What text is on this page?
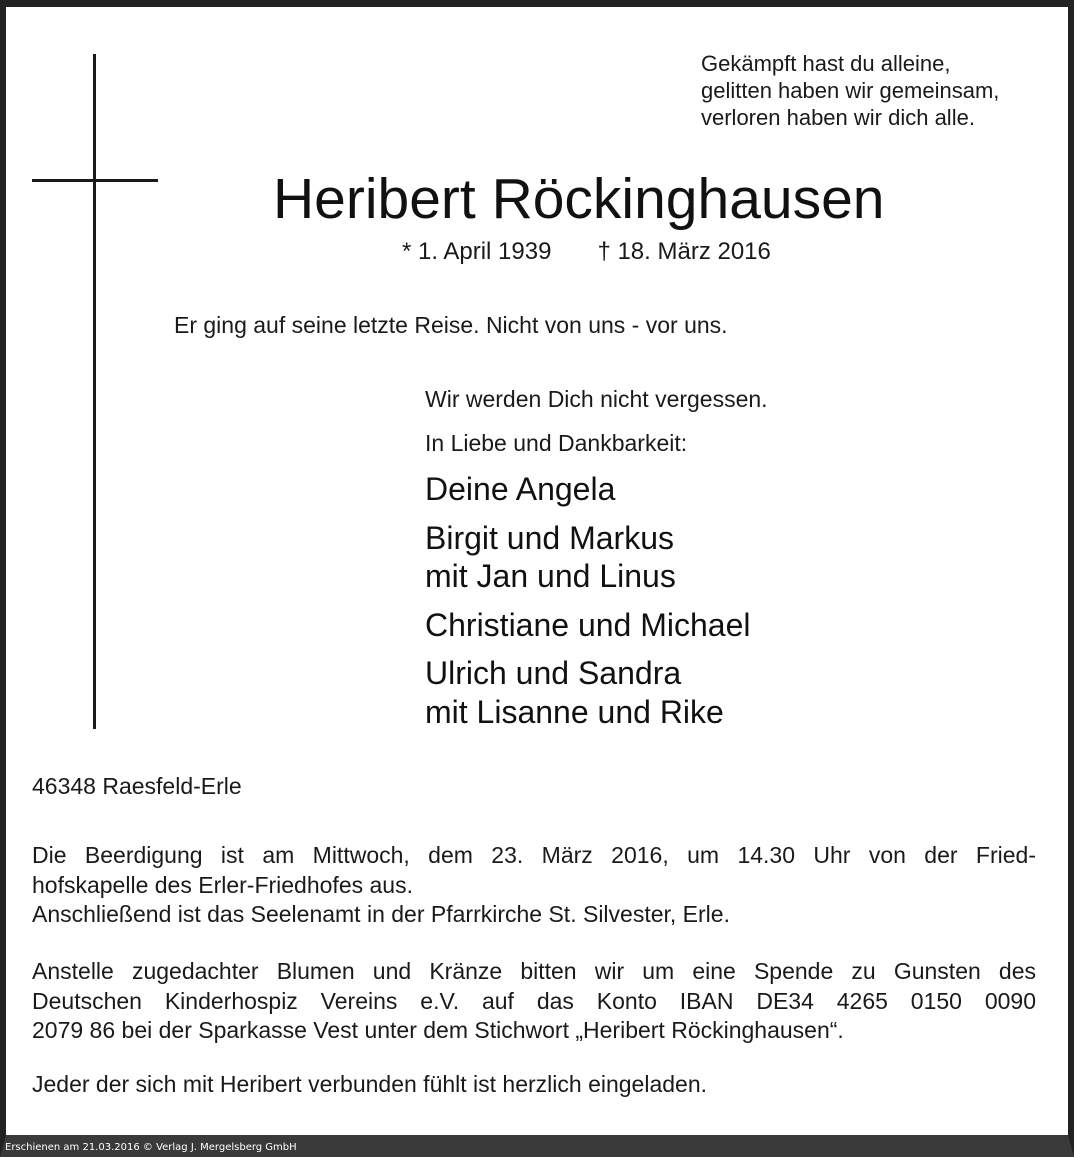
Gekämpft hast du alleine,
gelitten haben wir gemeinsam,
verloren haben wir dich alle.
Heribert Röckinghausen
* 1. April 1939 † 18. März 2016
Er ging auf seine letzte Reise. Nicht von uns - vor uns.
Wir werden Dich nicht vergessen.
In Liebe und Dankbarkeit:
Deine Angela
Birgit und Markus
mit Jan und Linus
Christiane und Michael
Ulrich und Sandra
mit Lisanne und Rike
46348 Raesfeld-Erle
Die Beerdigung ist am Mittwoch, dem 23. März 2016, um 14.30 Uhr von der Fried-
hofskapelle des Erler-Friedhofes aus.
Anschließend ist das Seelenamt in der Pfarrkirche St. Silvester, Erle.
Anstelle zugedachter Blumen und Kränze bitten wir um eine Spende zu Gunsten des
Deutschen Kinderhospiz Vereins e.V. auf das Konto IBAN DE34 4265 0150 0090
2079 86 bei der Sparkasse Vest unter dem Stichwort „Heribert Röckinghausen“.
Jeder der sich mit Heribert verbunden fühlt ist herzlich eingeladen.
Erschienen am 21.03.2016 © Verlag J. Mergelsberg GmbH
